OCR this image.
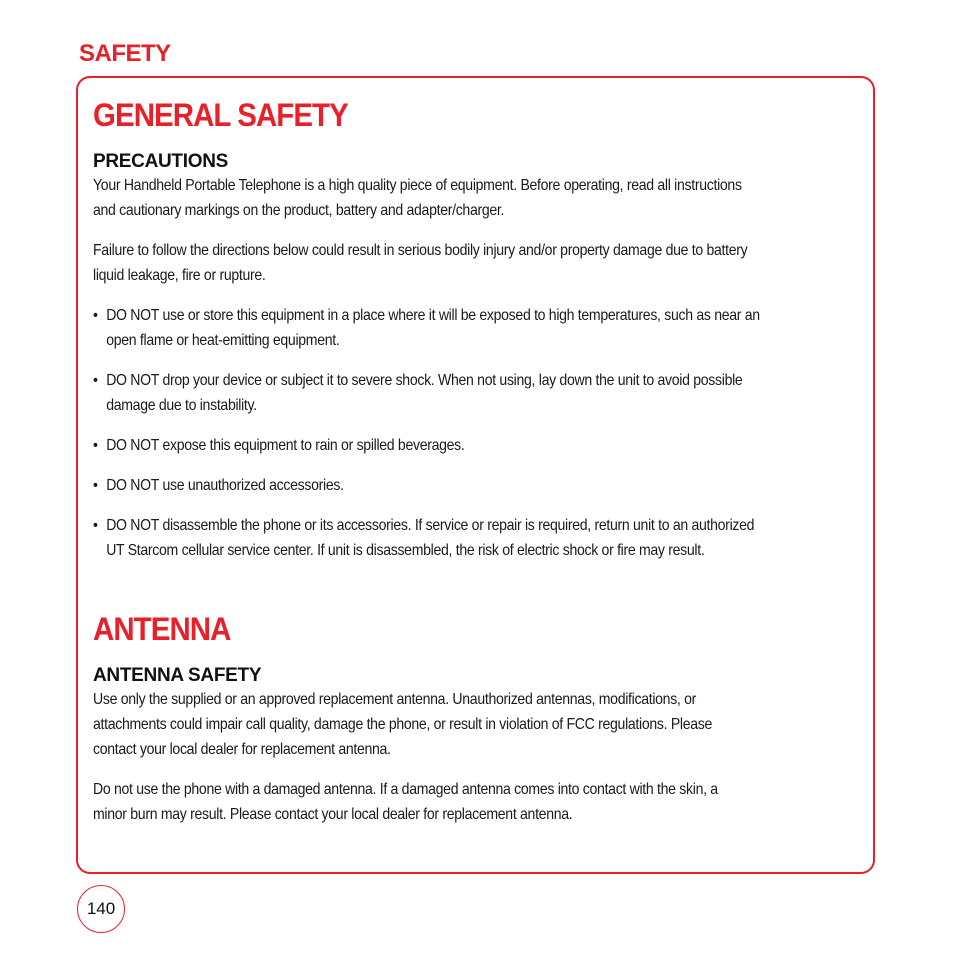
SAFETY
GENERAL SAFETY
PRECAUTIONS

Your Handheld Portable Telephone is a high quality piece of equipment. Before operating, read all instructions

and cautionary markings on the product, battery and adapter/charger.

Failure to follow the directions below could result in serious bodily injury and/or property damage due to battery

liquid leakage, fire or rupture.

• DO NOT use or store this equipment in a place where it will be exposed to high temperatures, such as near an
open flame or heat-emitting equipment.
• DO NOT drop your device or subject it to severe shock. When not using, lay down the unit to avoid possible
damage due to instability.
• DO NOT expose this equipment to rain or spilled beverages.
• DO NOT use unauthorized accessories.
• DO NOT disassemble the phone or its accessories. If service or repair is required, return unit to an authorized
UT Starcom cellular service center. If unit is disassembled, the risk of electric shock or fire may result.
ANTENNA
ANTENNA SAFETY

Use only the supplied or an approved replacement antenna. Unauthorized antennas, modifications, or

attachments could impair call quality, damage the phone, or result in violation of FCC regulations. Please

contact your local dealer for replacement antenna.

Do not use the phone with a damaged antenna. If a damaged antenna comes into contact with the skin, a

minor burn may result. Please contact your local dealer for replacement antenna.

140
